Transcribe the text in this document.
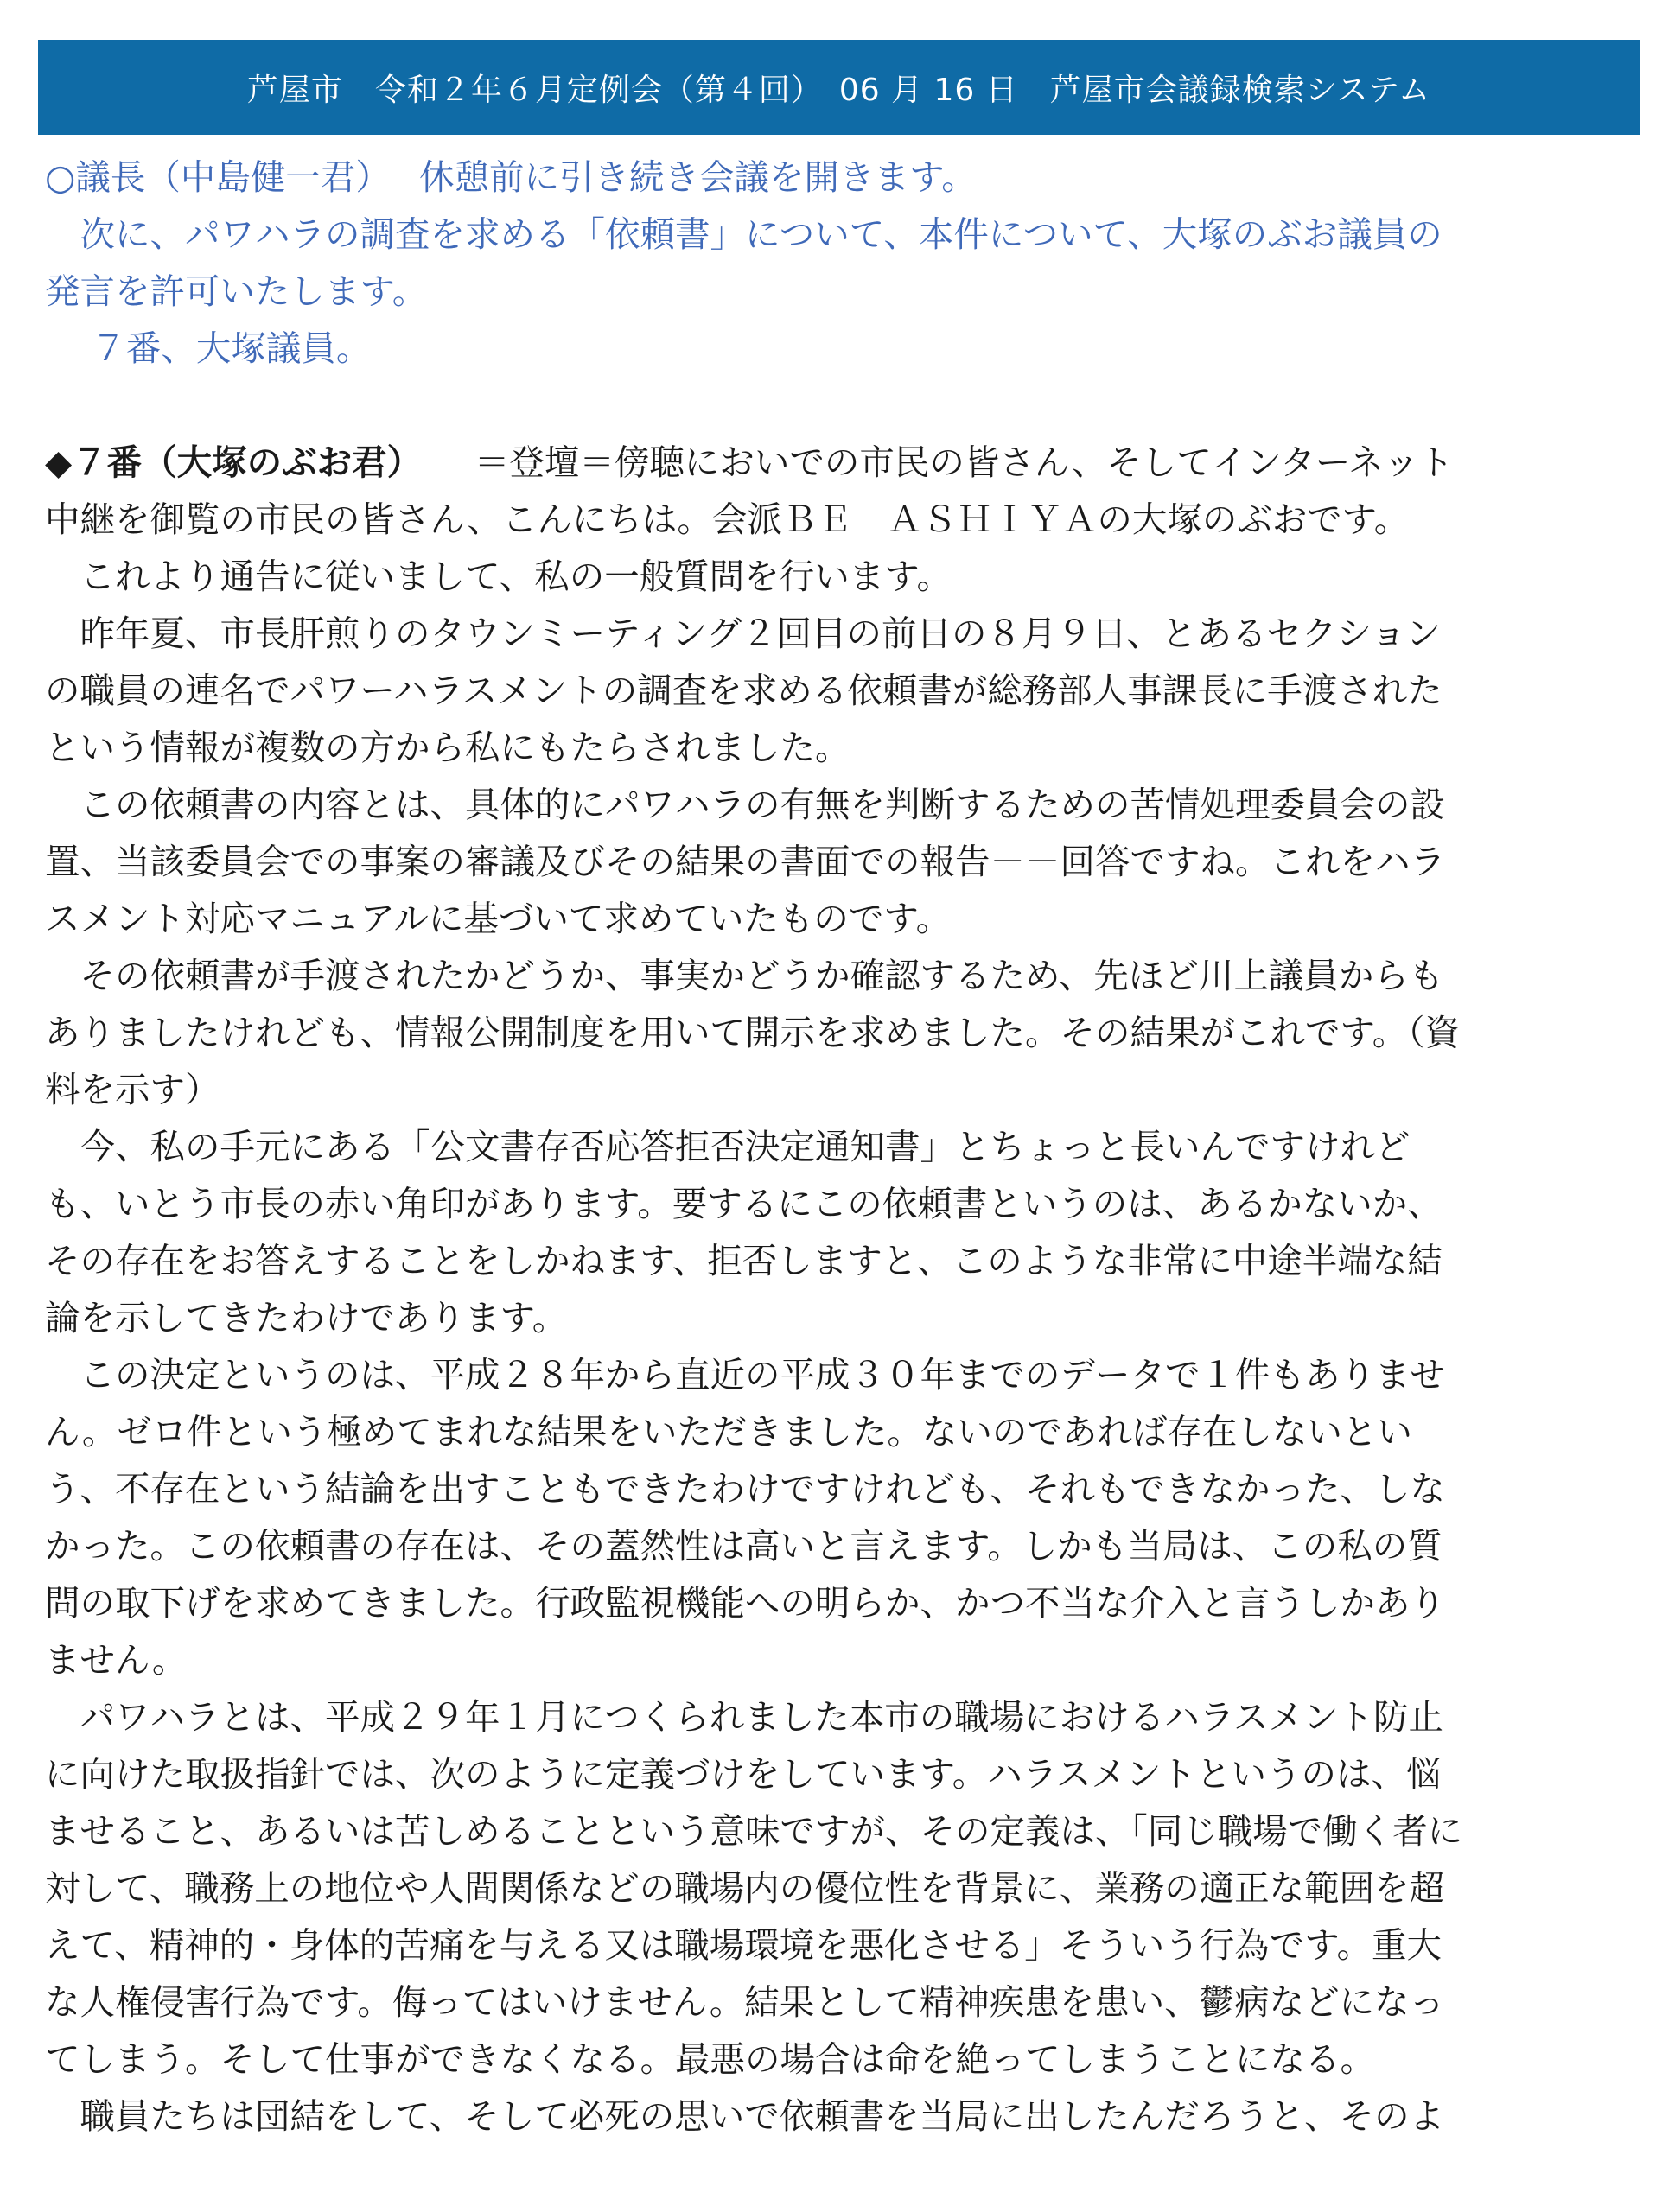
芦屋市　令和２年６月定例会（第４回）　06 月 16 日　芦屋市会議録検索システム

○議長（中島健一君）　 休憩前に引き続き会議を開きます。

　次に、パワハラの調査を求める「依頼書」について、本件について、大塚のぶお議員の

発言を許可いたします。

　 ７番、大塚議員。

◆７番（大塚のぶお君）　　＝登壇＝傍聴においでの市民の皆さん、そしてインターネット

中継を御覧の市民の皆さん、こんにちは。会派ＢＥ　ＡＳＨＩＹＡの大塚のぶおです。

　これより通告に従いまして、私の一般質問を行います。

　昨年夏、市長肝煎りのタウンミーティング２回目の前日の８月９日、とあるセクション

の職員の連名でパワーハラスメントの調査を求める依頼書が総務部人事課長に手渡された

という情報が複数の方から私にもたらされました。

　この依頼書の内容とは、具体的にパワハラの有無を判断するための苦情処理委員会の設

置、当該委員会での事案の審議及びその結果の書面での報告－－回答ですね。これをハラ

スメント対応マニュアルに基づいて求めていたものです。

　その依頼書が手渡されたかどうか、事実かどうか確認するため、先ほど川上議員からも

ありましたけれども、情報公開制度を用いて開示を求めました。その結果がこれです。（資

料を示す）

　今、私の手元にある「公文書存否応答拒否決定通知書」とちょっと長いんですけれど

も、いとう市長の赤い角印があります。要するにこの依頼書というのは、あるかないか、

その存在をお答えすることをしかねます、拒否しますと、このような非常に中途半端な結

論を示してきたわけであります。

　この決定というのは、平成２８年から直近の平成３０年までのデータで１件もありませ

ん。ゼロ件という極めてまれな結果をいただきました。ないのであれば存在しないとい

う、不存在という結論を出すこともできたわけですけれども、それもできなかった、しな

かった。この依頼書の存在は、その蓋然性は高いと言えます。しかも当局は、この私の質

問の取下げを求めてきました。行政監視機能への明らか、かつ不当な介入と言うしかあり

ません。

　パワハラとは、平成２９年１月につくられました本市の職場におけるハラスメント防止

に向けた取扱指針では、次のように定義づけをしています。ハラスメントというのは、悩

ませること、あるいは苦しめることという意味ですが、その定義は、「同じ職場で働く者に

対して、職務上の地位や人間関係などの職場内の優位性を背景に、業務の適正な範囲を超

えて、精神的・身体的苦痛を与える又は職場環境を悪化させる」そういう行為です。重大

な人権侵害行為です。侮ってはいけません。結果として精神疾患を患い、鬱病などになっ

てしまう。そして仕事ができなくなる。最悪の場合は命を絶ってしまうことになる。

　職員たちは団結をして、そして必死の思いで依頼書を当局に出したんだろうと、そのよ
